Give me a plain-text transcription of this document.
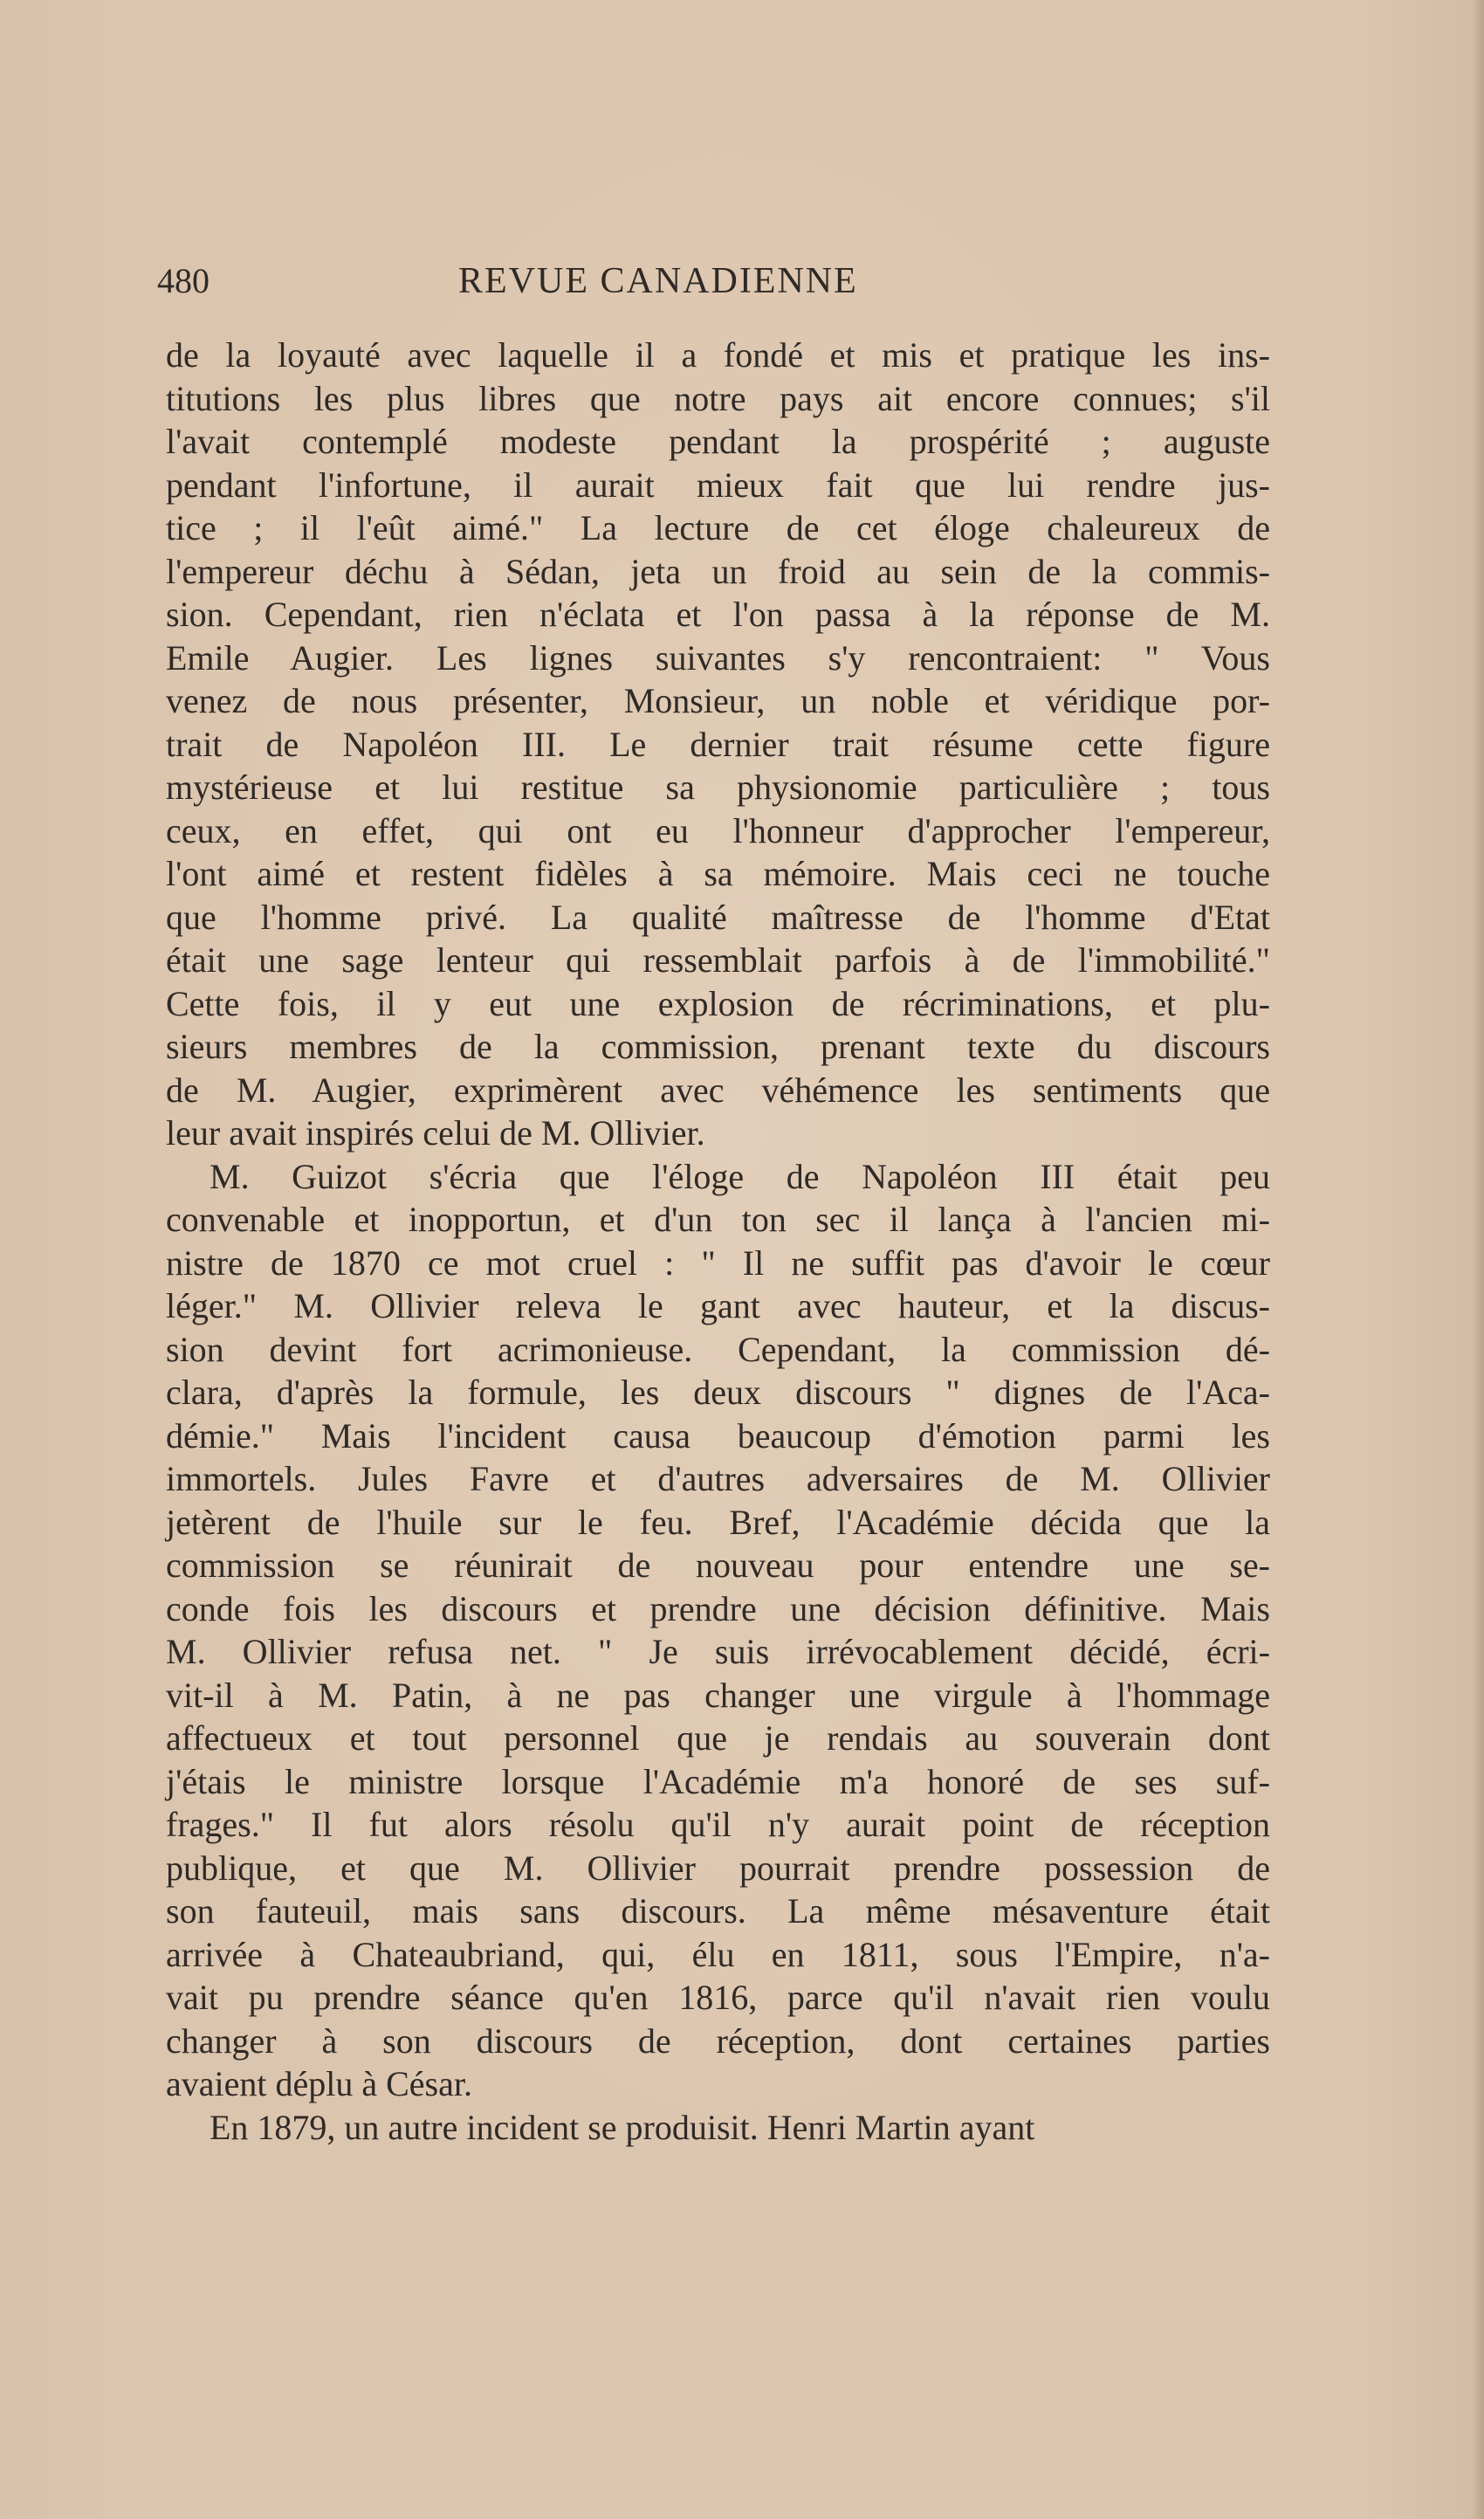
480	REVUE CANADIENNE
de la loyauté avec laquelle il a fondé et mis et pratique les ins-
titutions les plus libres que notre pays ait encore connues; s'il
l'avait contemplé modeste pendant la prospérité ; auguste
pendant l'infortune, il aurait mieux fait que lui rendre jus-
tice ; il l'eût aimé." La lecture de cet éloge chaleureux de
l'empereur déchu à Sédan, jeta un froid au sein de la commis-
sion. Cependant, rien n'éclata et l'on passa à la réponse de M.
Emile Augier. Les lignes suivantes s'y rencontraient: " Vous
venez de nous présenter, Monsieur, un noble et véridique por-
trait de Napoléon III. Le dernier trait résume cette figure
mystérieuse et lui restitue sa physionomie particulière ; tous
ceux, en effet, qui ont eu l'honneur d'approcher l'empereur,
l'ont aimé et restent fidèles à sa mémoire. Mais ceci ne touche
que l'homme privé. La qualité maîtresse de l'homme d'Etat
était une sage lenteur qui ressemblait parfois à de l'immobilité."
Cette fois, il y eut une explosion de récriminations, et plu-
sieurs membres de la commission, prenant texte du discours
de M. Augier, exprimèrent avec véhémence les sentiments que
leur avait inspirés celui de M. Ollivier.
M. Guizot s'écria que l'éloge de Napoléon III était peu
convenable et inopportun, et d'un ton sec il lança à l'ancien mi-
nistre de 1870 ce mot cruel : " Il ne suffit pas d'avoir le cœur
léger." M. Ollivier releva le gant avec hauteur, et la discus-
sion devint fort acrimonieuse. Cependant, la commission dé-
clara, d'après la formule, les deux discours " dignes de l'Aca-
démie." Mais l'incident causa beaucoup d'émotion parmi les
immortels. Jules Favre et d'autres adversaires de M. Ollivier
jetèrent de l'huile sur le feu. Bref, l'Académie décida que la
commission se réunirait de nouveau pour entendre une se-
conde fois les discours et prendre une décision définitive. Mais
M. Ollivier refusa net. " Je suis irrévocablement décidé, écri-
vit-il à M. Patin, à ne pas changer une virgule à l'hommage
affectueux et tout personnel que je rendais au souverain dont
j'étais le ministre lorsque l'Académie m'a honoré de ses suf-
frages." Il fut alors résolu qu'il n'y aurait point de réception
publique, et que M. Ollivier pourrait prendre possession de
son fauteuil, mais sans discours. La même mésaventure était
arrivée à Chateaubriand, qui, élu en 1811, sous l'Empire, n'a-
vait pu prendre séance qu'en 1816, parce qu'il n'avait rien voulu
changer à son discours de réception, dont certaines parties
avaient déplu à César.
En 1879, un autre incident se produisit. Henri Martin ayant
